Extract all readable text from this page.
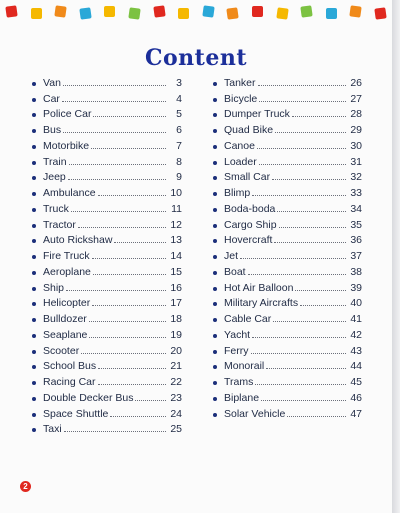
Content
Van	3
Car	4
Police Car	5
Bus	6
Motorbike	7
Train	8
Jeep	9
Ambulance	10
Truck	11
Tractor	12
Auto Rickshaw	13
Fire Truck	14
Aeroplane	15
Ship	16
Helicopter	17
Bulldozer	18
Seaplane	19
Scooter	20
School Bus	21
Racing Car	22
Double Decker Bus	23
Space Shuttle	24
Taxi	25
Tanker	26
Bicycle	27
Dumper Truck	28
Quad Bike	29
Canoe	30
Loader	31
Small Car	32
Blimp	33
Boda-boda	34
Cargo Ship	35
Hovercraft	36
Jet	37
Boat	38
Hot Air Balloon	39
Military Aircrafts	40
Cable Car	41
Yacht	42
Ferry	43
Monorail	44
Trams	45
Biplane	46
Solar Vehicle	47
2
